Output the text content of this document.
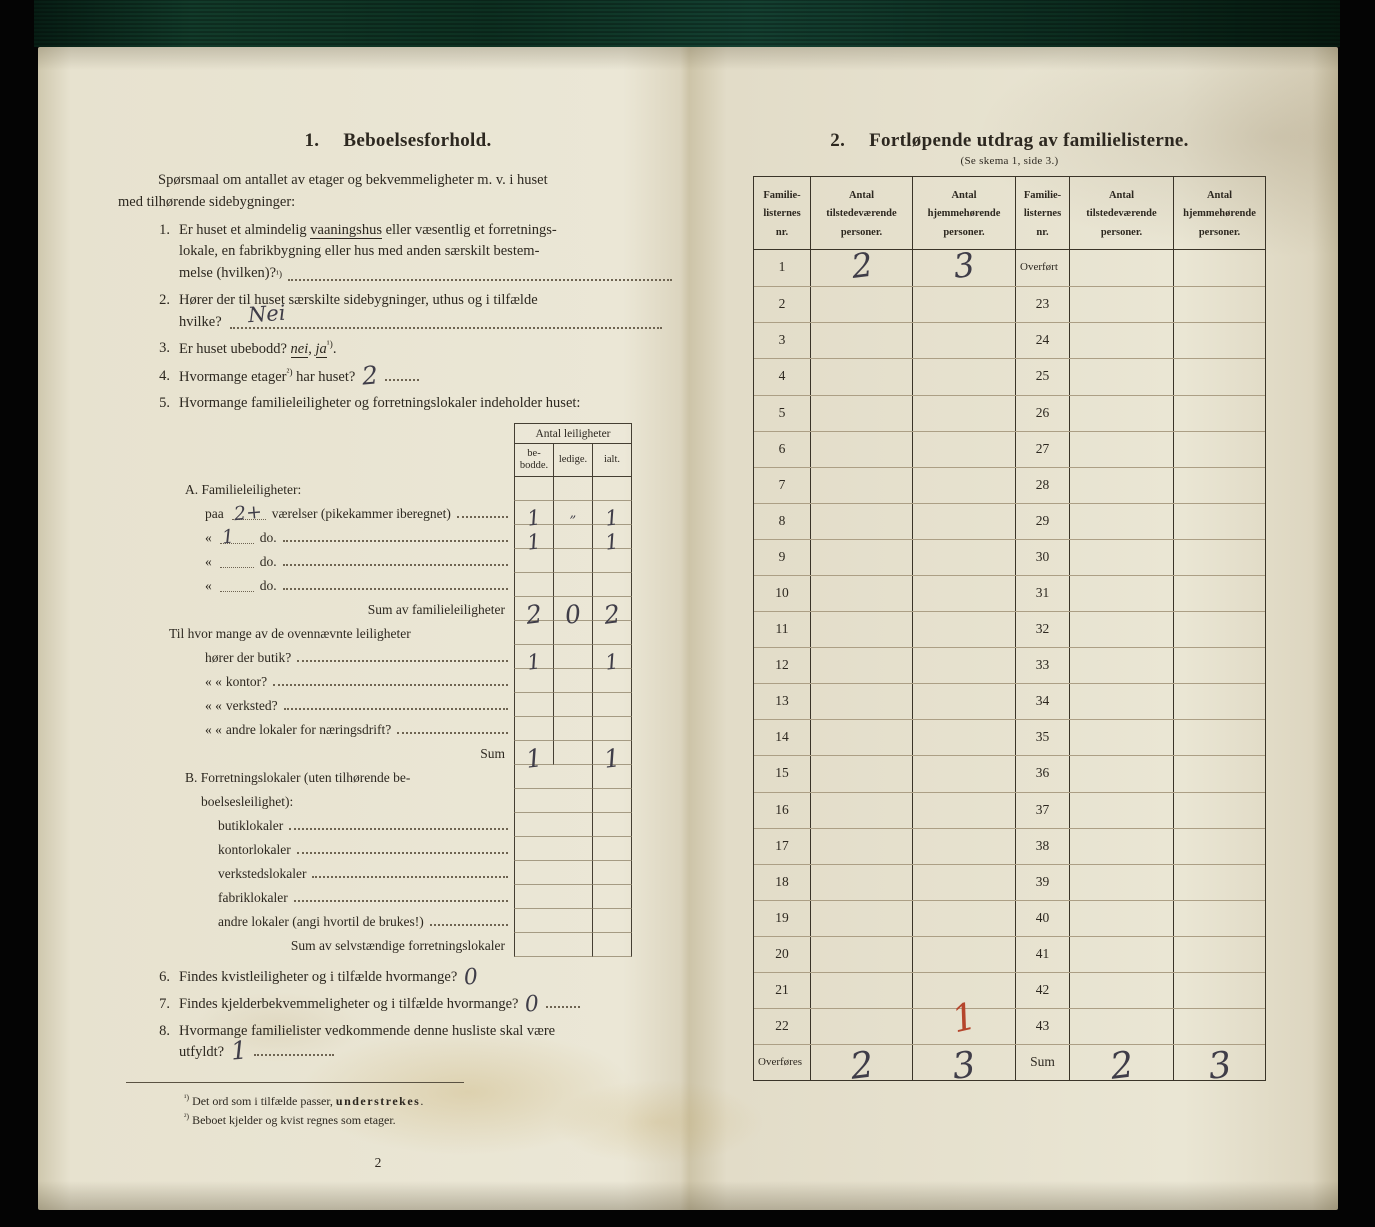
1. Beboelsesforhold.
Spørsmaal om antallet av etager og bekvemmeligheter m. v. i huset
med tilhørende sidebygninger:
1. Er huset et almindelig vaaningshus eller væsentlig et forretnings-
lokale, en fabrikbygning eller hus med anden særskilt bestem-
melse (hvilken)? ¹)
2. Hører der til huset særskilte sidebygninger, uthus og i tilfælde
hvilke? Nei
3. Er huset ubebodd? nei, $ja^{^1)}$.
4. Hvormange etager$^{^2)}$ har huset? 2
5. Hvormange familieleiligheter og forretningslokaler indeholder huset:
Antal leiligheter
be-
bodde.
ledige.	ialt.
A. Familieleiligheter:
paa 2+ værelser (pikekammer iberegnet)	1 „ 1
« 1 do.	1	1
«	do.
«	do.
Sum av familieleiligheter 2 0 2
Til hvor mange av de ovennævnte leiligheter
hører der butik?	1	1
« « kontor?
« « verksted?
« « andre lokaler for næringsdrift?
Sum 1 1
B. Forretningslokaler (uten tilhørende be-
boelsesleilighet):
butiklokaler
kontorlokaler
verkstedslokaler
fabriklokaler
andre lokaler (angi hvortil de brukes!)
Sum av selvstændige forretningslokaler
6. Findes kvistleiligheter og i tilfælde hvormange? 0
7. Findes kjelderbekvemmeligheter og i tilfælde hvormange? 0
8. Hvormange familielister vedkommende denne husliste skal være
utfyldt? 1
$^{^1)}$ Det ord som i tilfælde passer, understrekes.
$^{^2)}$ Beboet kjelder og kvist regnes som etager.
2
2. Fortløpende utdrag av familielisterne.
(Se skema 1, side 3.)
Familie-
listernes
nr.
Antal
tilstedeværende
personer.
Antal
hjemmehørende
personer.
Familie-
listernes
nr.
Antal
tilstedeværende
personer.
Antal
hjemmehørende
personer.
1	2 3	Overført
2	23
3	24
4	25
5	26
6	27
7	28
8	29
9	30
10	31
11	32
12	33
13	34
14	35
15	36
16	37
17	38
18	39
19	40
20	41
21	42
22	1	43
Overføres 2 3	Sum	2 3
